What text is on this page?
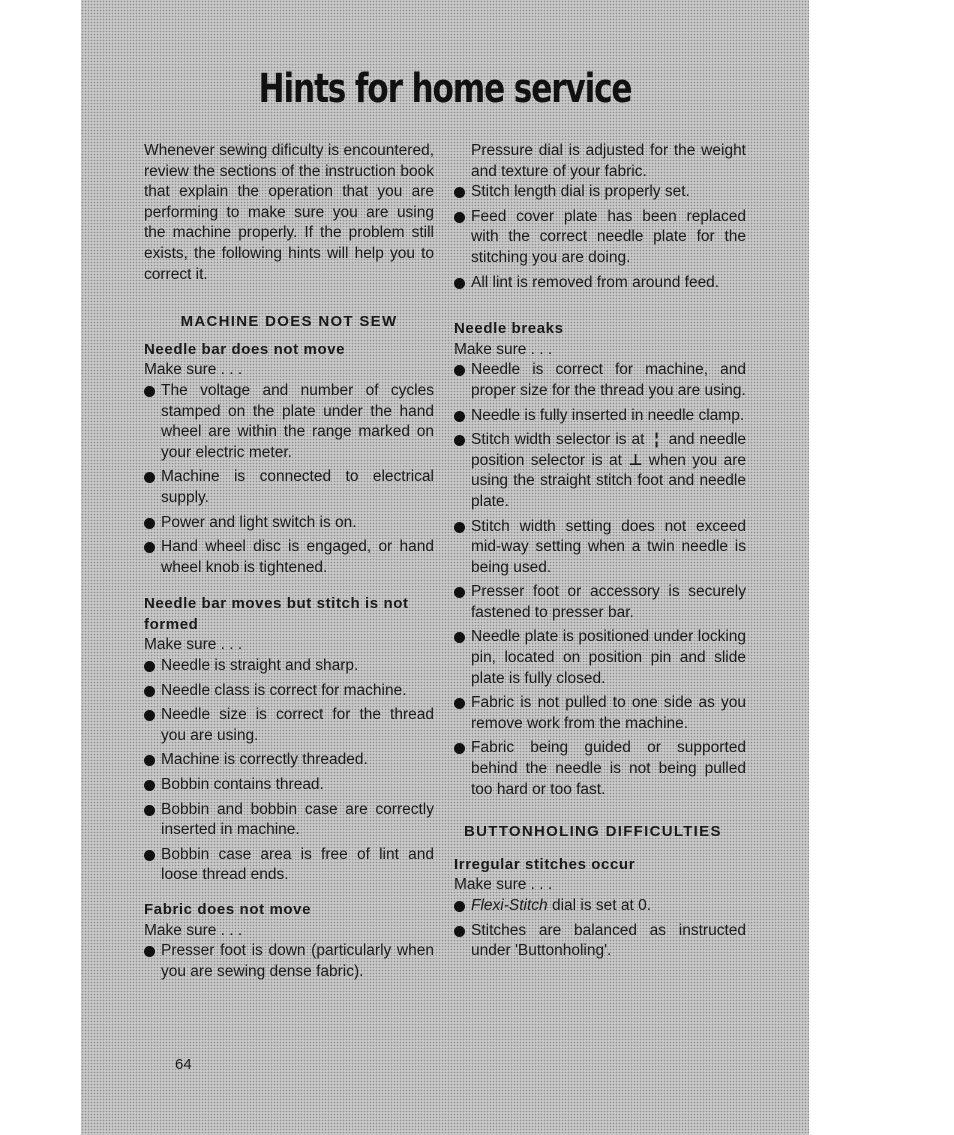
Hints for home service

Whenever sewing dificulty is encountered, review the sections of the instruction book that explain the operation that you are performing to make sure you are using the machine properly. If the problem still exists, the following hints will help you to correct it.

MACHINE DOES NOT SEW
Needle bar does not move

Make sure . . .

The voltage and number of cycles stamped on the plate under the hand wheel are within the range marked on your electric meter.
Machine is connected to electrical supply.
Power and light switch is on.
Hand wheel disc is engaged, or hand wheel knob is tightened.
Needle bar moves but stitch is not formed

Make sure . . .

Needle is straight and sharp.
Needle class is correct for machine.
Needle size is correct for the thread you are using.
Machine is correctly threaded.
Bobbin contains thread.
Bobbin and bobbin case are correctly inserted in machine.
Bobbin case area is free of lint and loose thread ends.
Fabric does not move

Make sure . . .

Presser foot is down (particularly when you are sewing dense fabric).

Pressure dial is adjusted for the weight and texture of your fabric.

Stitch length dial is properly set.
Feed cover plate has been replaced with the correct needle plate for the stitching you are doing.
All lint is removed from around feed.
Needle breaks

Make sure . . .

Needle is correct for machine, and proper size for the thread you are using.
Needle is fully inserted in needle clamp.
Stitch width selector is at ¦ and needle position selector is at ⊥ when you are using the straight stitch foot and needle plate.
Stitch width setting does not exceed mid-way setting when a twin needle is being used.
Presser foot or accessory is securely fastened to presser bar.
Needle plate is positioned under locking pin, located on position pin and slide plate is fully closed.
Fabric is not pulled to one side as you remove work from the machine.
Fabric being guided or supported behind the needle is not being pulled too hard or too fast.
BUTTONHOLING DIFFICULTIES
Irregular stitches occur

Make sure . . .

Flexi-Stitch dial is set at 0.
Stitches are balanced as instructed under 'Buttonholing'.
64
